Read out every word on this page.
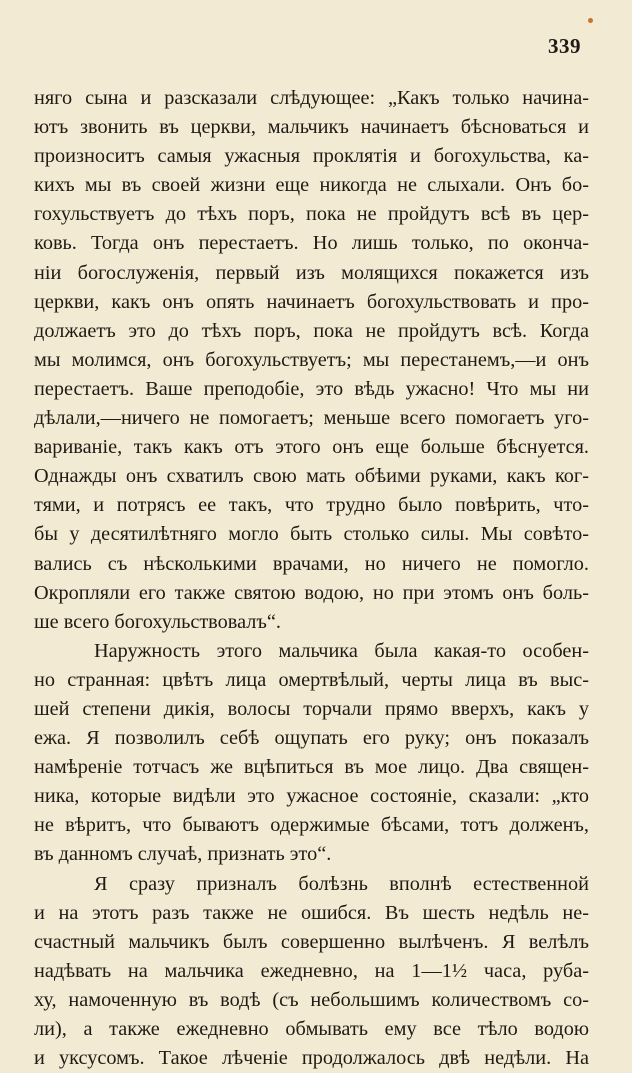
339
няго сына и разсказали слѣдующее: „Какъ только начина-
ютъ звонить въ церкви, мальчикъ начинаетъ бѣсноваться и
произноситъ самыя ужасныя проклятія и богохульства, ка-
кихъ мы въ своей жизни еще никогда не слыхали. Онъ бо-
гохульствуетъ до тѣхъ поръ, пока не пройдутъ всѣ въ цер-
ковь. Тогда онъ перестаетъ. Но лишь только, по оконча-
ніи богослуженія, первый изъ молящихся покажется изъ
церкви, какъ онъ опять начинаетъ богохульствовать и про-
должаетъ это до тѣхъ поръ, пока не пройдутъ всѣ. Когда
мы молимся, онъ богохульствуетъ; мы перестанемъ,—и онъ
перестаетъ. Ваше преподобіе, это вѣдь ужасно! Что мы ни
дѣлали,—ничего не помогаетъ; меньше всего помогаетъ уго-
вариваніе, такъ какъ отъ этого онъ еще больше бѣснуется.
Однажды онъ схватилъ свою мать обѣими руками, какъ ког-
тями, и потрясъ ее такъ, что трудно было повѣрить, что-
бы у десятилѣтняго могло быть столько силы. Мы совѣто-
вались съ нѣсколькими врачами, но ничего не помогло.
Окропляли его также святою водою, но при этомъ онъ боль-
ше всего богохульствовалъ“.
Наружность этого мальчика была какая-то особен-
но странная: цвѣтъ лица омертвѣлый, черты лица въ выс-
шей степени дикія, волосы торчали прямо вверхъ, какъ у
ежа. Я позволилъ себѣ ощупать его руку; онъ показалъ
намѣреніе тотчасъ же вцѣпиться въ мое лицо. Два священ-
ника, которые видѣли это ужасное состояніе, сказали: „кто
не вѣритъ, что бываютъ одержимые бѣсами, тотъ долженъ,
въ данномъ случаѣ, признать это“.
Я сразу призналъ болѣзнь вполнѣ естественной
и на этотъ разъ также не ошибся. Въ шесть недѣль не-
счастный мальчикъ былъ совершенно вылѣченъ. Я велѣлъ
надѣвать на мальчика ежедневно, на 1—1½ часа, руба-
ху, намоченную въ водѣ (съ небольшимъ количествомъ со-
ли), а также ежедневно обмывать ему все тѣло водою
и уксусомъ. Такое лѣченіе продолжалось двѣ недѣли. На
